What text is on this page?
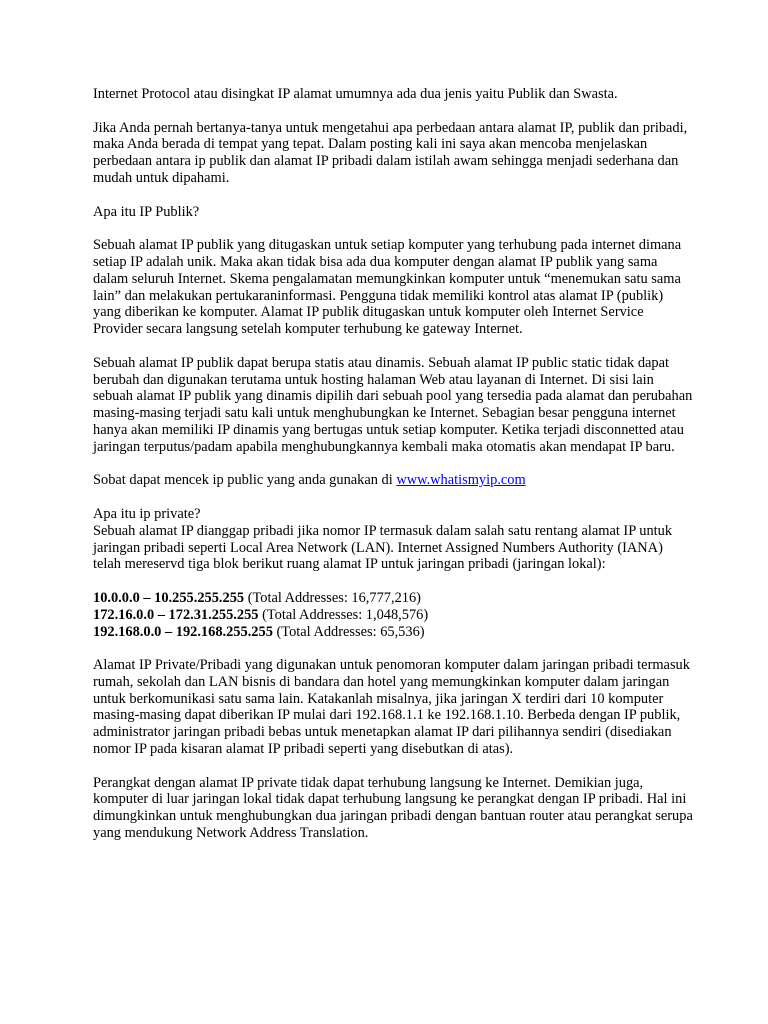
Internet Protocol atau disingkat IP alamat umumnya ada dua jenis yaitu Publik dan Swasta.

Jika Anda pernah bertanya-tanya untuk mengetahui apa perbedaan antara alamat IP, publik dan pribadi, maka Anda berada di tempat yang tepat. Dalam posting kali ini saya akan mencoba menjelaskan perbedaan antara ip publik dan alamat IP pribadi dalam istilah awam sehingga menjadi sederhana dan mudah untuk dipahami.

Apa itu IP Publik?

Sebuah alamat IP publik yang ditugaskan untuk setiap komputer yang terhubung pada internet dimana setiap IP adalah unik. Maka akan tidak bisa ada dua komputer dengan alamat IP publik yang sama dalam seluruh Internet. Skema pengalamatan memungkinkan komputer untuk “menemukan satu sama lain” dan melakukan pertukaraninformasi. Pengguna tidak memiliki kontrol atas alamat IP (publik) yang diberikan ke komputer. Alamat IP publik ditugaskan untuk komputer oleh Internet Service Provider secara langsung setelah komputer terhubung ke gateway Internet.

Sebuah alamat IP publik dapat berupa statis atau dinamis. Sebuah alamat IP public static tidak dapat berubah dan digunakan terutama untuk hosting halaman Web atau layanan di Internet. Di sisi lain sebuah alamat IP publik yang dinamis dipilih dari sebuah pool yang tersedia pada alamat dan perubahan masing-masing terjadi satu kali untuk menghubungkan ke Internet. Sebagian besar pengguna internet hanya akan memiliki IP dinamis yang bertugas untuk setiap komputer. Ketika terjadi disconnetted atau jaringan terputus/padam apabila menghubungkannya kembali maka otomatis akan mendapat IP baru.

Sobat dapat mencek ip public yang anda gunakan di www.whatismyip.com

Apa itu ip private?

Sebuah alamat IP dianggap pribadi jika nomor IP termasuk dalam salah satu rentang alamat IP untuk jaringan pribadi seperti Local Area Network (LAN). Internet Assigned Numbers Authority (IANA) telah mereservd tiga blok berikut ruang alamat IP untuk jaringan pribadi (jaringan lokal):

10.0.0.0 – 10.255.255.255 (Total Addresses: 16,777,216)
172.16.0.0 – 172.31.255.255 (Total Addresses: 1,048,576)
192.168.0.0 – 192.168.255.255 (Total Addresses: 65,536)

Alamat IP Private/Pribadi yang digunakan untuk penomoran komputer dalam jaringan pribadi termasuk rumah, sekolah dan LAN bisnis di bandara dan hotel yang memungkinkan komputer dalam jaringan untuk berkomunikasi satu sama lain. Katakanlah misalnya, jika jaringan X terdiri dari 10 komputer masing-masing dapat diberikan IP mulai dari 192.168.1.1 ke 192.168.1.10. Berbeda dengan IP publik, administrator jaringan pribadi bebas untuk menetapkan alamat IP dari pilihannya sendiri (disediakan nomor IP pada kisaran alamat IP pribadi seperti yang disebutkan di atas).

Perangkat dengan alamat IP private tidak dapat terhubung langsung ke Internet. Demikian juga, komputer di luar jaringan lokal tidak dapat terhubung langsung ke perangkat dengan IP pribadi. Hal ini dimungkinkan untuk menghubungkan dua jaringan pribadi dengan bantuan router atau perangkat serupa yang mendukung Network Address Translation.
